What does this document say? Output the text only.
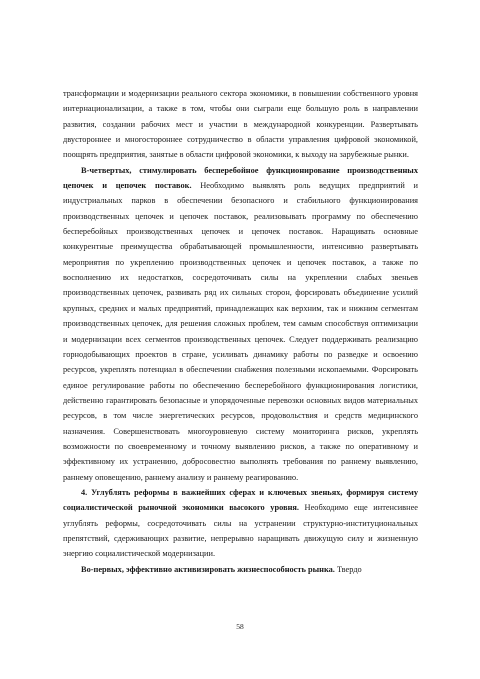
трансформации и модернизации реального сектора экономики, в повышении собственного уровня интернационализации, а также в том, чтобы они сыграли еще большую роль в направлении развития, создании рабочих мест и участии в международной конкуренции. Развертывать двустороннее и многостороннее сотрудничество в области управления цифровой экономикой, поощрять предприятия, занятые в области цифровой экономики, к выходу на зарубежные рынки.

В-четвертых, стимулировать бесперебойное функционирование производственных цепочек и цепочек поставок. Необходимо выявлять роль ведущих предприятий и индустриальных парков в обеспечении безопасного и стабильного функционирования производственных цепочек и цепочек поставок, реализовывать программу по обеспечению бесперебойных производственных цепочек и цепочек поставок. Наращивать основные конкурентные преимущества обрабатывающей промышленности, интенсивно развертывать мероприятия по укреплению производственных цепочек и цепочек поставок, а также по восполнению их недостатков, сосредоточивать силы на укреплении слабых звеньев производственных цепочек, развивать ряд их сильных сторон, форсировать объединение усилий крупных, средних и малых предприятий, принадлежащих как верхним, так и нижним сегментам производственных цепочек, для решения сложных проблем, тем самым способствуя оптимизации и модернизации всех сегментов производственных цепочек. Следует поддерживать реализацию горнодобывающих проектов в стране, усиливать динамику работы по разведке и освоению ресурсов, укреплять потенциал в обеспечении снабжения полезными ископаемыми. Форсировать единое регулирование работы по обеспечению бесперебойного функционирования логистики, действенно гарантировать безопасные и упорядоченные перевозки основных видов материальных ресурсов, в том числе энергетических ресурсов, продовольствия и средств медицинского назначения. Совершенствовать многоуровневую систему мониторинга рисков, укреплять возможности по своевременному и точному выявлению рисков, а также по оперативному и эффективному их устранению, добросовестно выполнять требования по раннему выявлению, раннему оповещению, раннему анализу и раннему реагированию.

4. Углублять реформы в важнейших сферах и ключевых звеньях, формируя систему социалистической рыночной экономики высокого уровня. Необходимо еще интенсивнее углублять реформы, сосредоточивать силы на устранении структурно-институциональных препятствий, сдерживающих развитие, непрерывно наращивать движущую силу и жизненную энергию социалистической модернизации.

Во-первых, эффективно активизировать жизнеспособность рынка. Твердо

58
